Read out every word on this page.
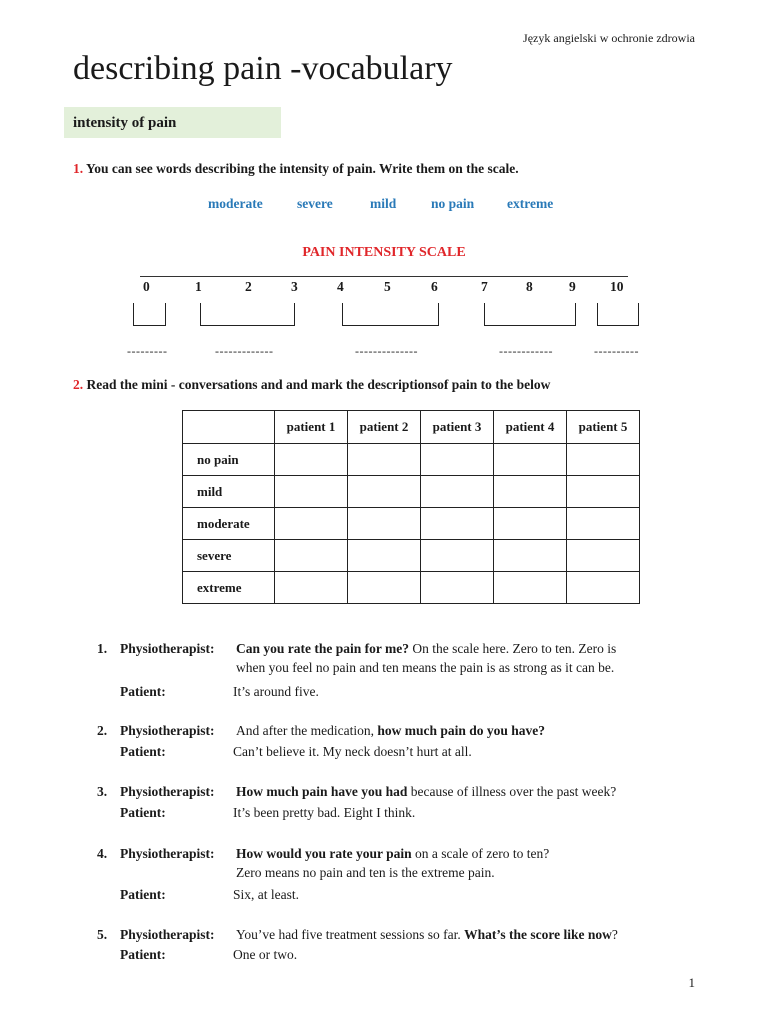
Język angielski w ochronie zdrowia
describing pain -vocabulary
intensity of pain
1. You can see words describing the intensity of pain. Write them on the scale.
moderate	severe	mild	no pain extreme
PAIN INTENSITY SCALE
0	1	2	3	4	5	6	7	8	9	10
---------	-------------	--------------	------------	----------
2. Read the mini - conversations and and mark the descriptionsof pain to the below
	patient 1	patient 2	patient 3	patient 4	patient 5
no pain					
mild					
moderate					
severe					
extreme					
1. Physiotherapist: Can you rate the pain for me? On the scale here. Zero to ten. Zero is
when you feel no pain and ten means the pain is as strong as it can be.
Patient:	It’s around five.
2. Physiotherapist: And after the medication, how much pain do you have?
Patient:	Can’t believe it. My neck doesn’t hurt at all.
3. Physiotherapist: How much pain have you had because of illness over the past week?
Patient:	It’s been pretty bad. Eight I think.
4. Physiotherapist: How would you rate your pain on a scale of zero to ten?
Zero means no pain and ten is the extreme pain.
Patient:	Six, at least.
5. Physiotherapist: You’ve had five treatment sessions so far. What’s the score like now?
Patient:	One or two.
1
